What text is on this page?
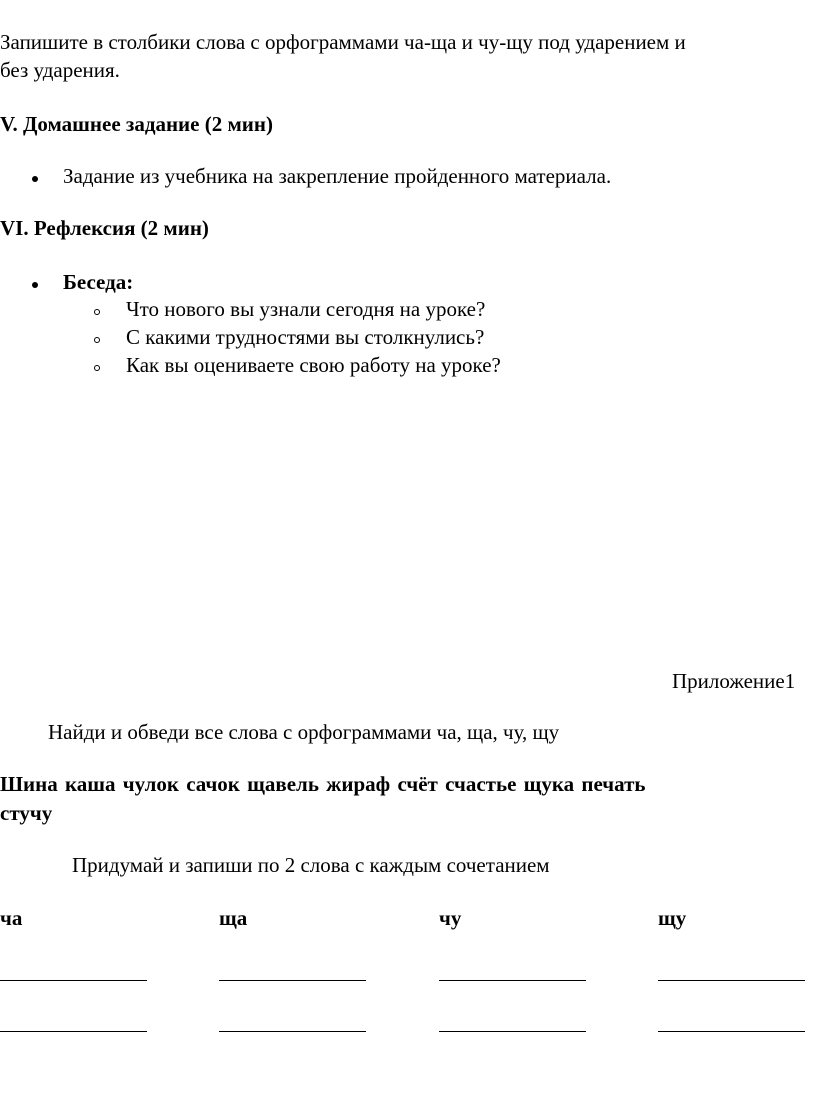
Запишите в столбики слова с орфограммами ча-ща и чу-щу под ударением и
без ударения.
V. Домашнее задание (2 мин)
Задание из учебника на закрепление пройденного материала.
VI. Рефлексия (2 мин)
Беседа:
Что нового вы узнали сегодня на уроке?
С какими трудностями вы столкнулись?
Как вы оцениваете свою работу на уроке?
Приложение1
Найди и обведи все слова с орфограммами ча, ща, чу, щу
Шина каша чулок сачок щавель жираф счёт счастье щука печать
стучу
Придумай и запиши по 2 слова с каждым сочетанием
ча	ща	чу	щу
